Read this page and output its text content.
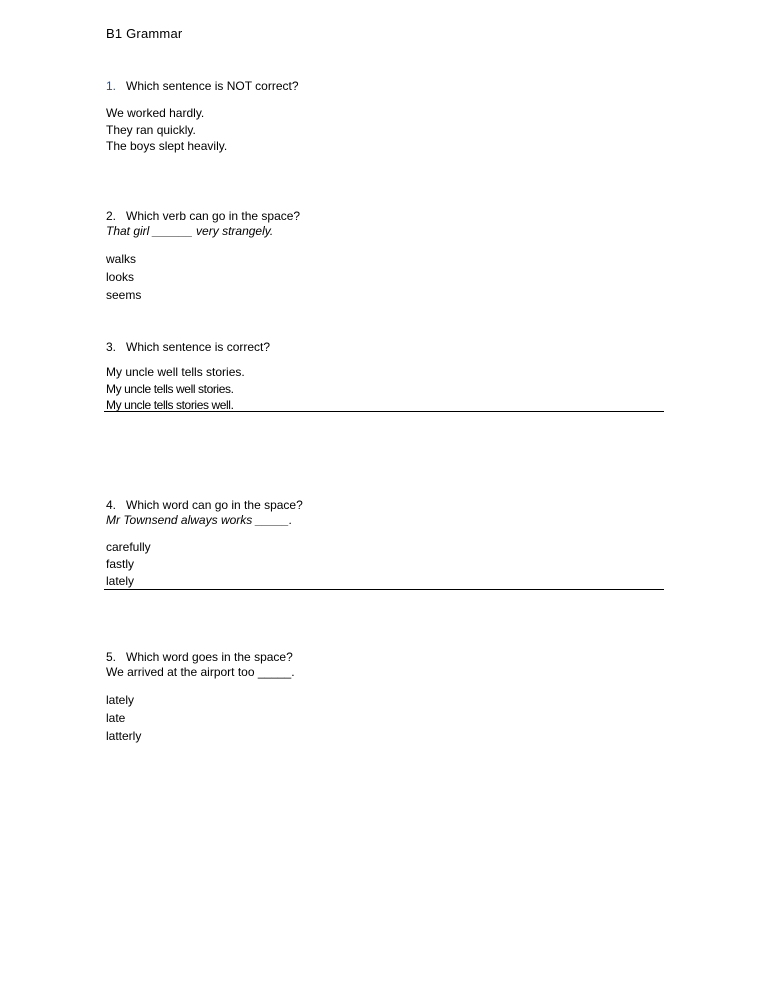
B1 Grammar
1. Which sentence is NOT correct?
We worked hardly.
They ran quickly.
The boys slept heavily.
2. Which verb can go in the space?
That girl ______ very strangely.
walks
looks
seems
3. Which sentence is correct?
My uncle well tells stories.
My uncle tells well stories.
My uncle tells stories well.
4. Which word can go in the space?
Mr Townsend always works _____.
carefully
fastly
lately
5. Which word goes in the space?
We arrived at the airport too _____.
lately
late
latterly
